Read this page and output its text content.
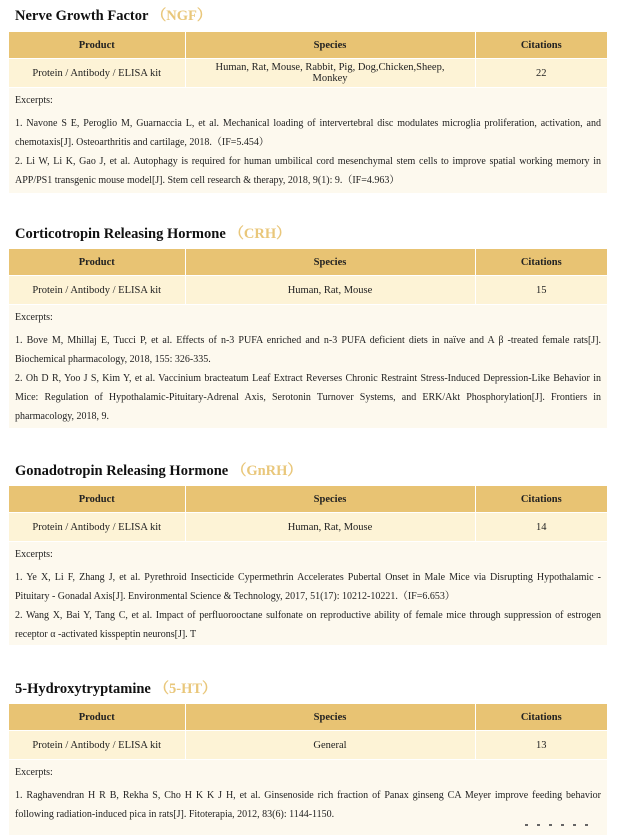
Nerve Growth Factor （NGF）
Product	Species	Citations
Protein / Antibody / ELISA kit	Human, Rat, Mouse, Rabbit, Pig, Dog,Chicken,Sheep, Monkey	22
Excerpts:

1. Navone S E, Peroglio M, Guarnaccia L, et al. Mechanical loading of intervertebral disc modulates microglia proliferation, activation, and chemotaxis[J]. Osteoarthritis and cartilage, 2018.（IF=5.454）

2. Li W, Li K, Gao J, et al. Autophagy is required for human umbilical cord mesenchymal stem cells to improve spatial working memory in APP/PS1 transgenic mouse model[J]. Stem cell research & therapy, 2018, 9(1): 9.（IF=4.963）

Corticotropin Releasing Hormone （CRH）
Product	Species	Citations
Protein / Antibody / ELISA kit	Human, Rat, Mouse	15
Excerpts:

1. Bove M, Mhillaj E, Tucci P, et al. Effects of n-3 PUFA enriched and n-3 PUFA deficient diets in naïve and A β -treated female rats[J]. Biochemical pharmacology, 2018, 155: 326-335.

2. Oh D R, Yoo J S, Kim Y, et al. Vaccinium bracteatum Leaf Extract Reverses Chronic Restraint Stress-Induced Depression-Like Behavior in Mice: Regulation of Hypothalamic-Pituitary-Adrenal Axis, Serotonin Turnover Systems, and ERK/Akt Phosphorylation[J]. Frontiers in pharmacology, 2018, 9.

Gonadotropin Releasing Hormone （GnRH）
Product	Species	Citations
Protein / Antibody / ELISA kit	Human, Rat, Mouse	14
Excerpts:

1. Ye X, Li F, Zhang J, et al. Pyrethroid Insecticide Cypermethrin Accelerates Pubertal Onset in Male Mice via Disrupting Hypothalamic - Pituitary - Gonadal Axis[J]. Environmental Science & Technology, 2017, 51(17): 10212-10221.（IF=6.653）

2. Wang X, Bai Y, Tang C, et al. Impact of perfluorooctane sulfonate on reproductive ability of female mice through suppression of estrogen receptor α -activated kisspeptin neurons[J]. T

5-Hydroxytryptamine （5-HT）
Product	Species	Citations
Protein / Antibody / ELISA kit	General	13
Excerpts:

1. Raghavendran H R B, Rekha S, Cho H K K J H, et al. Ginsenoside rich fraction of Panax ginseng CA Meyer improve feeding behavior following radiation-induced pica in rats[J]. Fitoterapia, 2012, 83(6): 1144-1150.
